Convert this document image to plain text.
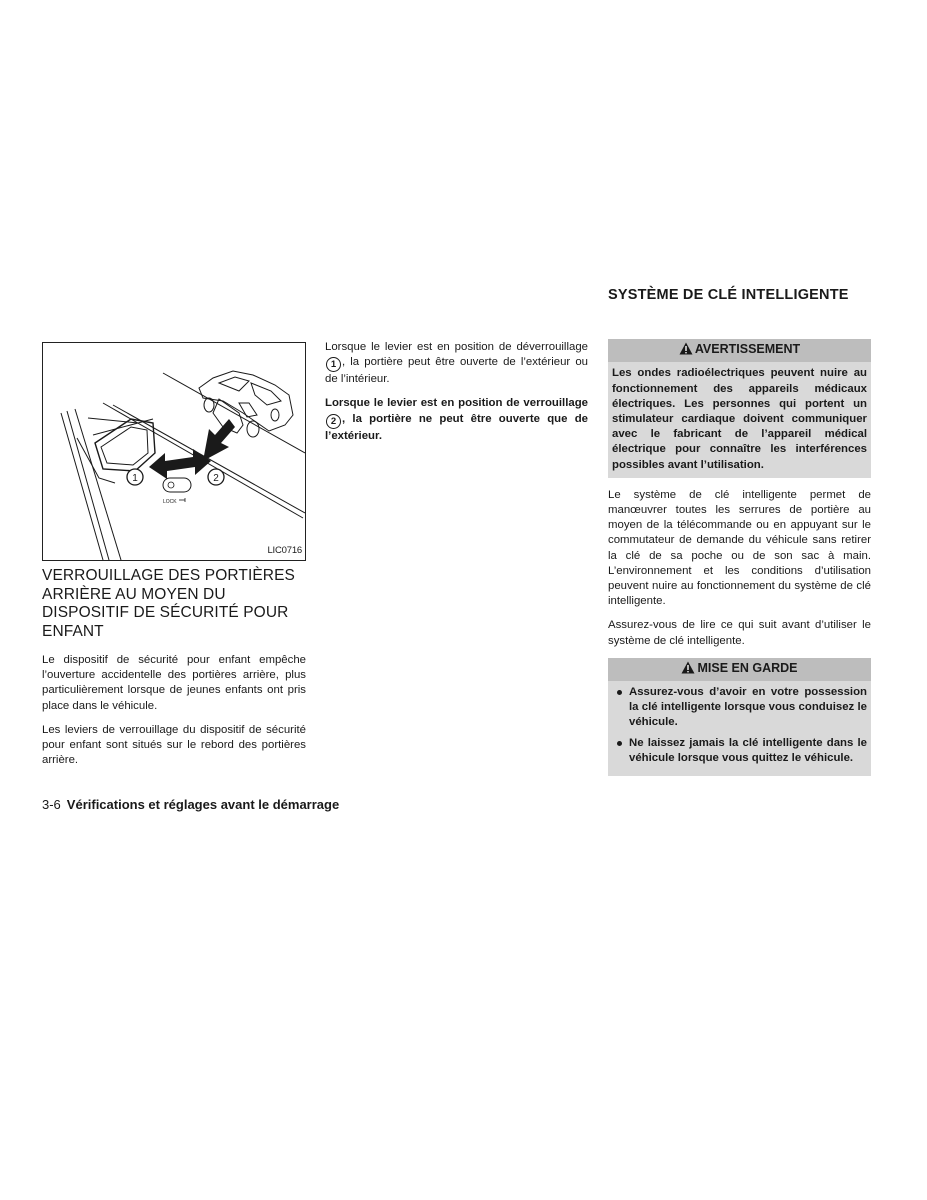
1	2
LOCK
LIC0716
VERROUILLAGE DES PORTIÈRES ARRIÈRE AU MOYEN DU DISPOSITIF DE SÉCURITÉ POUR ENFANT

Le dispositif de sécurité pour enfant empêche l’ouverture accidentelle des portières arrière, plus particulièrement lorsque de jeunes enfants ont pris place dans le véhicule.

Les leviers de verrouillage du dispositif de sécurité pour enfant sont situés sur le rebord des portières arrière.

Lorsque le levier est en position de déverrouillage 1 , la portière peut être ouverte de l’extérieur ou de l’intérieur.

Lorsque le levier est en position de verrouillage 2 , la portière ne peut être ouverte que de l’extérieur.

SYSTÈME DE CLÉ INTELLIGENTE
AVERTISSEMENT
Les ondes radioélectriques peuvent nuire au fonctionnement des appareils médicaux électriques. Les personnes qui portent un stimulateur cardiaque doivent communiquer avec le fabricant de l’appareil médical électrique pour connaître les interférences possibles avant l’utilisation.

Le système de clé intelligente permet de manœuvrer toutes les serrures de portière au moyen de la télécommande ou en appuyant sur le commutateur de demande du véhicule sans retirer la clé de sa poche ou de son sac à main. L’environnement et les conditions d’utilisation peuvent nuire au fonctionnement du système de clé intelligente.

Assurez-vous de lire ce qui suit avant d’utiliser le système de clé intelligente.

MISE EN GARDE
Assurez-vous d’avoir en votre possession la clé intelligente lorsque vous conduisez le véhicule.
Ne laissez jamais la clé intelligente dans le véhicule lorsque vous quittez le véhicule.
3-6 Vérifications et réglages avant le démarrage
